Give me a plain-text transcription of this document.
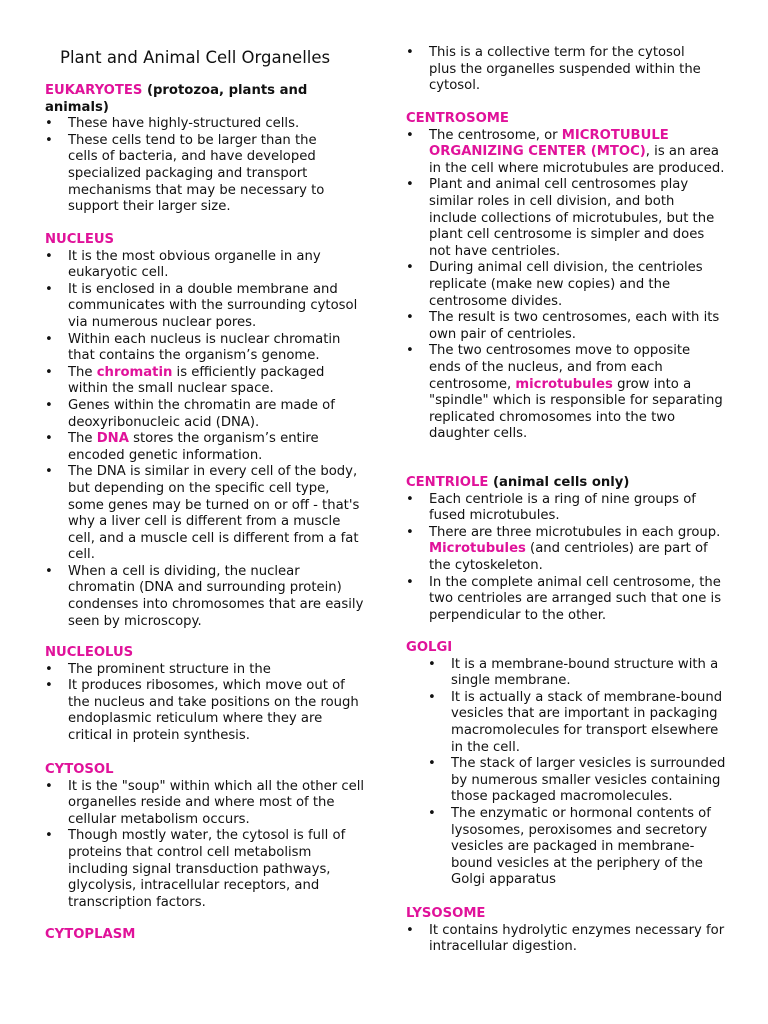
Plant and Animal Cell Organelles
EUKARYOTES (protozoa, plants and animals)
• These have highly-structured cells.
• These cells tend to be larger than the cells of bacteria, and have developed specialized packaging and transport mechanisms that may be necessary to support their larger size.
NUCLEUS
• It is the most obvious organelle in any eukaryotic cell.
• It is enclosed in a double membrane and communicates with the surrounding cytosol via numerous nuclear pores.
• Within each nucleus is nuclear chromatin that contains the organism’s genome.
• The chromatin is efficiently packaged within the small nuclear space.
• Genes within the chromatin are made of deoxyribonucleic acid (DNA).
• The DNA stores the organism’s entire encoded genetic information.
• The DNA is similar in every cell of the body, but depending on the specific cell type, some genes may be turned on or off - that's why a liver cell is different from a muscle cell, and a muscle cell is different from a fat cell.
• When a cell is dividing, the nuclear chromatin (DNA and surrounding protein) condenses into chromosomes that are easily seen by microscopy.
NUCLEOLUS
• The prominent structure in the
• It produces ribosomes, which move out of the nucleus and take positions on the rough endoplasmic reticulum where they are critical in protein synthesis.
CYTOSOL
• It is the "soup" within which all the other cell organelles reside and where most of the cellular metabolism occurs.
• Though mostly water, the cytosol is full of proteins that control cell metabolism including signal transduction pathways, glycolysis, intracellular receptors, and transcription factors.
CYTOPLASM
• This is a collective term for the cytosol plus the organelles suspended within the cytosol.
CENTROSOME
• The centrosome, or MICROTUBULE ORGANIZING CENTER (MTOC), is an area in the cell where microtubules are produced.
• Plant and animal cell centrosomes play similar roles in cell division, and both include collections of microtubules, but the plant cell centrosome is simpler and does not have centrioles.
• During animal cell division, the centrioles replicate (make new copies) and the centrosome divides.
• The result is two centrosomes, each with its own pair of centrioles.
• The two centrosomes move to opposite ends of the nucleus, and from each centrosome, microtubules grow into a "spindle" which is responsible for separating replicated chromosomes into the two daughter cells.
CENTRIOLE (animal cells only)
• Each centriole is a ring of nine groups of fused microtubules.
• There are three microtubules in each group. Microtubules (and centrioles) are part of the cytoskeleton.
• In the complete animal cell centrosome, the two centrioles are arranged such that one is perpendicular to the other.
GOLGI
• It is a membrane-bound structure with a single membrane.
• It is actually a stack of membrane-bound vesicles that are important in packaging macromolecules for transport elsewhere in the cell.
• The stack of larger vesicles is surrounded by numerous smaller vesicles containing those packaged macromolecules.
• The enzymatic or hormonal contents of lysosomes, peroxisomes and secretory vesicles are packaged in membrane-bound vesicles at the periphery of the Golgi apparatus
LYSOSOME
• It contains hydrolytic enzymes necessary for intracellular digestion.
